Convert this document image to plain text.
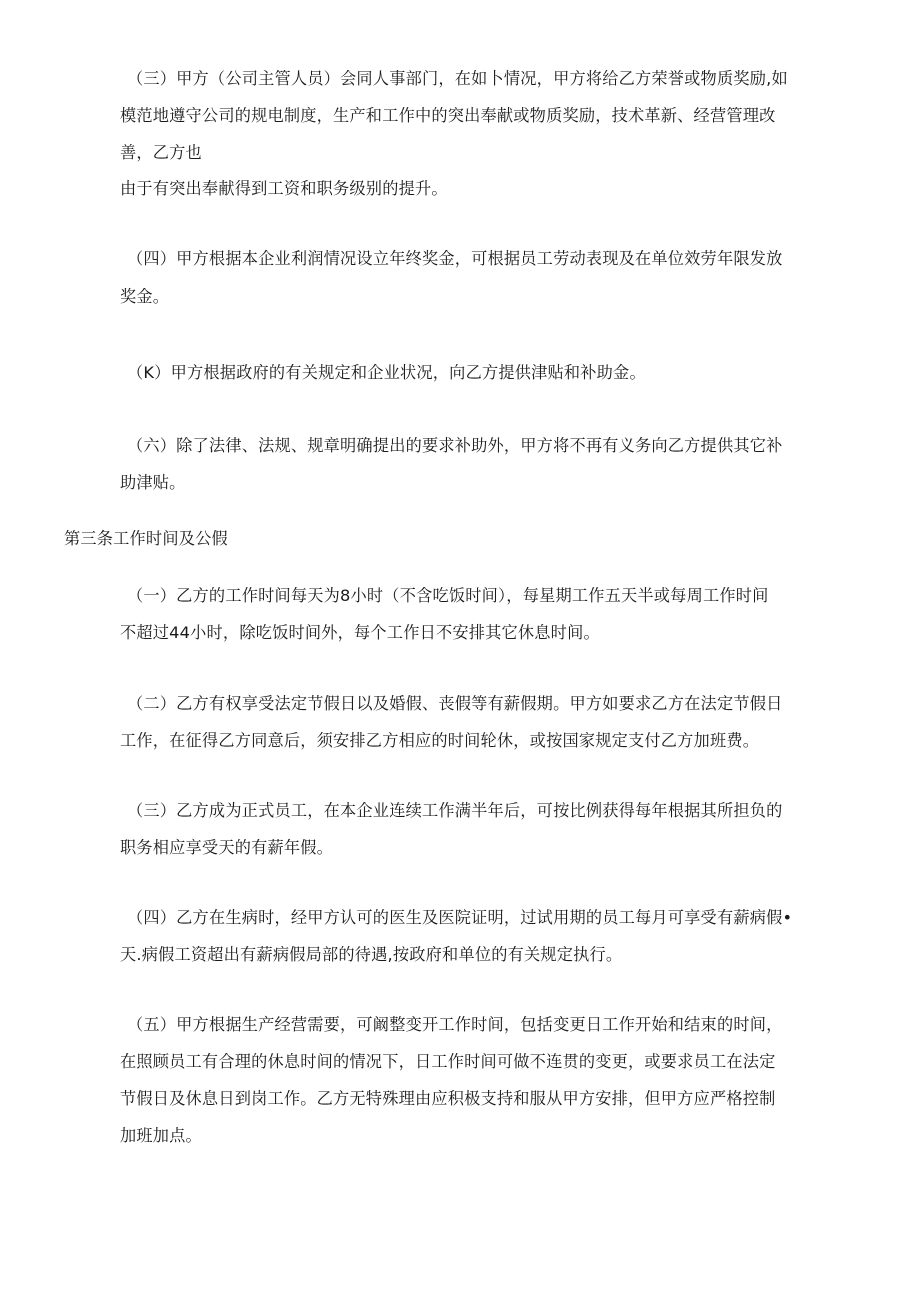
（三）甲方（公司主管人员）会同人事部门，在如卜情况，甲方将给乙方荣誉或物质奖励,如
模范地遵守公司的规电制度，生产和工作中的突出奉献或物质奖励，技术革新、经营管理改
善，乙方也
由于有突出奉献得到工资和职务级别的提升。
（四）甲方根据本企业利润情况设立年终奖金，可根据员工劳动表现及在单位效劳年限发放
奖金。
（K）甲方根据政府的有关规定和企业状况，向乙方提供津贴和补助金。
（六）除了法律、法规、规章明确提出的要求补助外，甲方将不再有义务向乙方提供其它补
助津贴。
第三条工作时间及公假
（一）乙方的工作时间每天为8小时（不含吃饭时间），每星期工作五天半或每周工作时间
不超过44小时，除吃饭时间外，每个工作日不安排其它休息时间。
（二）乙方有权享受法定节假日以及婚假、丧假等有薪假期。甲方如要求乙方在法定节假日
工作，在征得乙方同意后，须安排乙方相应的时间轮休，或按国家规定支付乙方加班费。
（三）乙方成为正式员工，在本企业连续工作满半年后，可按比例获得每年根据其所担负的
职务相应享受天的有薪年假。
（四）乙方在生病时，经甲方认可的医生及医院证明，过试用期的员工每月可享受有薪病假•
天.病假工资超出有薪病假局部的待遇,按政府和单位的有关规定执行。
（五）甲方根据生产经营需要，可阚整变开工作时间，包括变更日工作开始和结束的时间，
在照顾员工有合理的休息时间的情况下，日工作时间可做不连贯的变更，或要求员工在法定
节假日及休息日到岗工作。乙方无特殊理由应积极支持和服从甲方安排，但甲方应严格控制
加班加点。
